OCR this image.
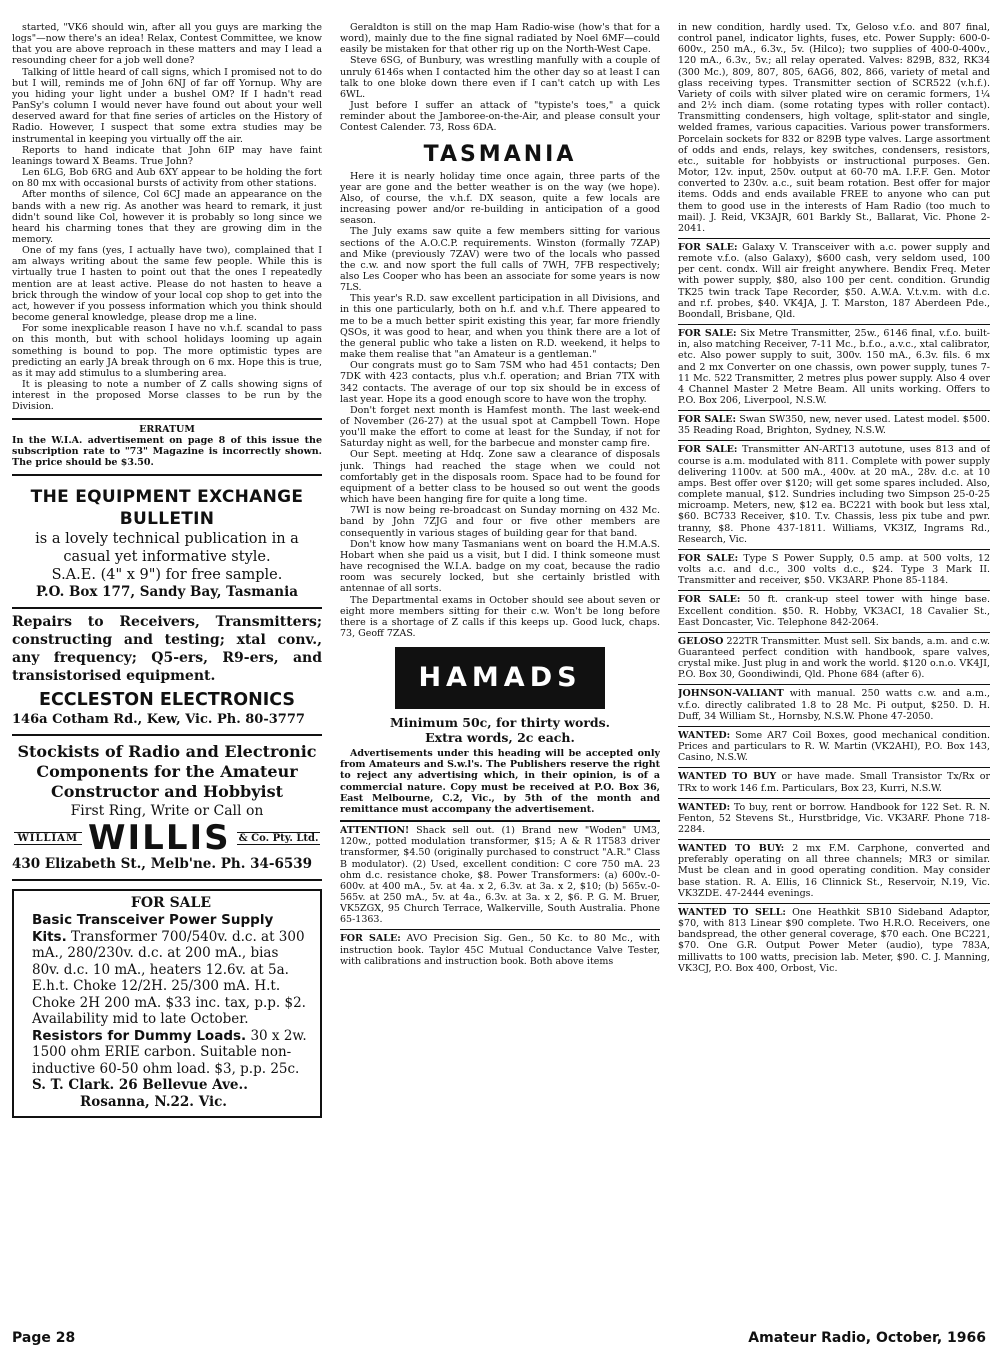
started, "VK6 should win, after all you guys are marking the logs"—now there's an idea! Relax, Contest Committee, we know that you are above reproach in these matters and may I lead a resounding cheer for a job well done?

Talking of little heard of call signs, which I promised not to do but I will, reminds me of John 6NJ of far off Yornup. Why are you hiding your light under a bushel OM? If I hadn't read PanSy's column I would never have found out about your well deserved award for that fine series of articles on the History of Radio. However, I suspect that some extra studies may be instrumental in keeping you virtually off the air.

Reports to hand indicate that John 6IP may have faint leanings toward X Beams. True John?

Len 6LG, Bob 6RG and Aub 6XY appear to be holding the fort on 80 mx with occasional bursts of activity from other stations.

After months of silence, Col 6CJ made an appearance on the bands with a new rig. As another was heard to remark, it just didn't sound like Col, however it is probably so long since we heard his charming tones that they are growing dim in the memory.

One of my fans (yes, I actually have two), complained that I am always writing about the same few people. While this is virtually true I hasten to point out that the ones I repeatedly mention are at least active. Please do not hasten to heave a brick through the window of your local cop shop to get into the act, however if you possess information which you think should become general knowledge, please drop me a line.

For some inexplicable reason I have no v.h.f. scandal to pass on this month, but with school holidays looming up again something is bound to pop. The more optimistic types are predicting an early JA break through on 6 mx. Hope this is true, as it may add stimulus to a slumbering area.

It is pleasing to note a number of Z calls showing signs of interest in the proposed Morse classes to be run by the Division.

ERRATUM
In the W.I.A. advertisement on page 8 of this issue the subscription rate to "73" Magazine is incorrectly shown. The price should be $3.50.
THE EQUIPMENT EXCHANGE
BULLETIN
is a lovely technical publication in a
casual yet informative style.
S.A.E. (4" x 9") for free sample.
P.O. Box 177, Sandy Bay, Tasmania
Repairs to Receivers, Transmitters; constructing and testing; xtal conv., any frequency; Q5-ers, R9-ers, and transistorised equipment.
ECCLESTON ELECTRONICS
146a Cotham Rd., Kew, Vic. Ph. 80-3777
Stockists of Radio and Electronic
Components for the Amateur
Constructor and Hobbyist
First Ring, Write or Call on
WILLIAM WILLIS & Co. Pty. Ltd.
430 Elizabeth St., Melb'ne. Ph. 34-6539
FOR SALE
Basic Transceiver Power Supply Kits. Transformer 700/540v. d.c. at 300 mA., 280/230v. d.c. at 200 mA., bias 80v. d.c. 10 mA., heaters 12.6v. at 5a. E.h.t. Choke 12/2H. 25/300 mA. H.t. Choke 2H 200 mA. $33 inc. tax, p.p. $2. Availability mid to late October.
Resistors for Dummy Loads. 30 x 2w. 1500 ohm ERIE carbon. Suitable non-inductive 60-50 ohm load. $3, p.p. 25c.
S. T. Clark. 26 Bellevue Ave..
Rosanna, N.22. Vic.

Geraldton is still on the map Ham Radio-wise (how's that for a word), mainly due to the fine signal radiated by Noel 6MF—could easily be mistaken for that other rig up on the North-West Cape.

Steve 6SG, of Bunbury, was wrestling manfully with a couple of unruly 6146s when I contacted him the other day so at least I can talk to one bloke down there even if I can't catch up with Les 6WL.

Just before I suffer an attack of "typiste's toes," a quick reminder about the Jamboree-on-the-Air, and please consult your Contest Calender. 73, Ross 6DA.

TASMANIA

Here it is nearly holiday time once again, three parts of the year are gone and the better weather is on the way (we hope). Also, of course, the v.h.f. DX season, quite a few locals are increasing power and/or re-building in anticipation of a good season.

The July exams saw quite a few members sitting for various sections of the A.O.C.P. requirements. Winston (formally 7ZAP) and Mike (previously 7ZAV) were two of the locals who passed the c.w. and now sport the full calls of 7WH, 7FB respectively; also Les Cooper who has been an associate for some years is now 7LS.

This year's R.D. saw excellent participation in all Divisions, and in this one particularly, both on h.f. and v.h.f. There appeared to me to be a much better spirit existing this year, far more friendly QSOs, it was good to hear, and when you think there are a lot of the general public who take a listen on R.D. weekend, it helps to make them realise that "an Amateur is a gentleman."

Our congrats must go to Sam 7SM who had 451 contacts; Den 7DK with 423 contacts, plus v.h.f. operation; and Brian 7TX with 342 contacts. The average of our top six should be in excess of last year. Hope its a good enough score to have won the trophy.

Don't forget next month is Hamfest month. The last week-end of November (26-27) at the usual spot at Campbell Town. Hope you'll make the effort to come at least for the Sunday, if not for Saturday night as well, for the barbecue and monster camp fire.

Our Sept. meeting at Hdq. Zone saw a clearance of disposals junk. Things had reached the stage when we could not comfortably get in the disposals room. Space had to be found for equipment of a better class to be housed so out went the goods which have been hanging fire for quite a long time.

7WI is now being re-broadcast on Sunday morning on 432 Mc. band by John 7ZJG and four or five other members are consequently in various stages of building gear for that band.

Don't know how many Tasmanians went on board the H.M.A.S. Hobart when she paid us a visit, but I did. I think someone must have recognised the W.I.A. badge on my coat, because the radio room was securely locked, but she certainly bristled with antennae of all sorts.

The Departmental exams in October should see about seven or eight more members sitting for their c.w. Won't be long before there is a shortage of Z calls if this keeps up. Good luck, chaps. 73, Geoff 7ZAS.

HAMADS
Minimum 50c, for thirty words.
Extra words, 2c each.

Advertisements under this heading will be accepted only from Amateurs and S.w.l's. The Publishers reserve the right to reject any advertising which, in their opinion, is of a commercial nature. Copy must be received at P.O. Box 36, East Melbourne, C.2, Vic., by 5th of the month and remittance must accompany the advertisement.

ATTENTION! Shack sell out. (1) Brand new "Woden" UM3, 120w., potted modulation transformer, $15; A & R 1T583 driver transformer, $4.50 (originally purchased to construct "A.R." Class B modulator). (2) Used, excellent condition: C core 750 mA. 23 ohm d.c. resistance choke, $8. Power Transformers: (a) 600v.-0-600v. at 400 mA., 5v. at 4a. x 2, 6.3v. at 3a. x 2, $10; (b) 565v.-0-565v. at 250 mA., 5v. at 4a., 6.3v. at 3a. x 2, $6. P. G. M. Bruer, VK5ZGX, 95 Church Terrace, Walkerville, South Australia. Phone 65-1363.

FOR SALE: AVO Precision Sig. Gen., 50 Kc. to 80 Mc., with instruction book. Taylor 45C Mutual Conductance Valve Tester, with calibrations and instruction book. Both above items

in new condition, hardly used. Tx, Geloso v.f.o. and 807 final, control panel, indicator lights, fuses, etc. Power Supply: 600-0-600v., 250 mA., 6.3v., 5v. (Hilco); two supplies of 400-0-400v., 120 mA., 6.3v., 5v.; all relay operated. Valves: 829B, 832, RK34 (300 Mc.), 809, 807, 805, 6AG6, 802, 866, variety of metal and glass receiving types. Transmitter section of SCR522 (v.h.f.). Variety of coils with silver plated wire on ceramic formers, 1¼ and 2½ inch diam. (some rotating types with roller contact). Transmitting condensers, high voltage, split-stator and single, welded frames, various capacities. Various power transformers. Porcelain sockets for 832 or 829B type valves. Large assortment of odds and ends, relays, key switches, condensers, resistors, etc., suitable for hobbyists or instructional purposes. Gen. Motor, 12v. input, 250v. output at 60-70 mA. I.F.F. Gen. Motor converted to 230v. a.c., suit beam rotation. Best offer for major items. Odds and ends available FREE to anyone who can put them to good use in the interests of Ham Radio (too much to mail). J. Reid, VK3AJR, 601 Barkly St., Ballarat, Vic. Phone 2-2041.

FOR SALE: Galaxy V. Transceiver with a.c. power supply and remote v.f.o. (also Galaxy), $600 cash, very seldom used, 100 per cent. condx. Will air freight anywhere. Bendix Freq. Meter with power supply, $80, also 100 per cent. condition. Grundig TK25 twin track Tape Recorder, $50. A.W.A. V.t.v.m. with d.c. and r.f. probes, $40. VK4JA, J. T. Marston, 187 Aberdeen Pde., Boondall, Brisbane, Qld.

FOR SALE: Six Metre Transmitter, 25w., 6146 final, v.f.o. built-in, also matching Receiver, 7-11 Mc., b.f.o., a.v.c., xtal calibrator, etc. Also power supply to suit, 300v. 150 mA., 6.3v. fils. 6 mx and 2 mx Converter on one chassis, own power supply, tunes 7-11 Mc. 522 Transmitter, 2 metres plus power supply. Also 4 over 4 Channel Master 2 Metre Beam. All units working. Offers to P.O. Box 206, Liverpool, N.S.W.

FOR SALE: Swan SW350, new, never used. Latest model. $500. 35 Reading Road, Brighton, Sydney, N.S.W.

FOR SALE: Transmitter AN-ART13 autotune, uses 813 and of course is a.m. modulated with 811. Complete with power supply delivering 1100v. at 500 mA., 400v. at 20 mA., 28v. d.c. at 10 amps. Best offer over $120; will get some spares included. Also, complete manual, $12. Sundries including two Simpson 25-0-25 microamp. Meters, new, $12 ea. BC221 with book but less xtal, $60. BC733 Receiver, $10. T.v. Chassis, less pix tube and pwr. tranny, $8. Phone 437-1811. Williams, VK3IZ, Ingrams Rd., Research, Vic.

FOR SALE: Type S Power Supply, 0.5 amp. at 500 volts, 12 volts a.c. and d.c., 300 volts d.c., $24. Type 3 Mark II. Transmitter and receiver, $50. VK3ARP. Phone 85-1184.

FOR SALE: 50 ft. crank-up steel tower with hinge base. Excellent condition. $50. R. Hobby, VK3ACI, 18 Cavalier St., East Doncaster, Vic. Telephone 842-2064.

GELOSO 222TR Transmitter. Must sell. Six bands, a.m. and c.w. Guaranteed perfect condition with handbook, spare valves, crystal mike. Just plug in and work the world. $120 o.n.o. VK4JI, P.O. Box 30, Goondiwindi, Qld. Phone 684 (after 6).

JOHNSON-VALIANT with manual. 250 watts c.w. and a.m., v.f.o. directly calibrated 1.8 to 28 Mc. Pi output, $250. D. H. Duff, 34 William St., Hornsby, N.S.W. Phone 47-2050.

WANTED: Some AR7 Coil Boxes, good mechanical condition. Prices and particulars to R. W. Martin (VK2AHI), P.O. Box 143, Casino, N.S.W.

WANTED TO BUY or have made. Small Transistor Tx/Rx or TRx to work 146 f.m. Particulars, Box 23, Kurri, N.S.W.

WANTED: To buy, rent or borrow. Handbook for 122 Set. R. N. Fenton, 52 Stevens St., Hurstbridge, Vic. VK3ARF. Phone 718-2284.

WANTED TO BUY: 2 mx F.M. Carphone, converted and preferably operating on all three channels; MR3 or similar. Must be clean and in good operating condition. May consider base station. R. A. Ellis, 16 Clinnick St., Reservoir, N.19, Vic. VK3ZDE. 47-2444 evenings.

WANTED TO SELL: One Heathkit SB10 Sideband Adaptor, $70, with 813 Linear $90 complete. Two H.R.O. Receivers, one bandspread, the other general coverage, $70 each. One BC221, $70. One G.R. Output Power Meter (audio), type 783A, millivatts to 100 watts, precision lab. Meter, $90. C. J. Manning, VK3CJ, P.O. Box 400, Orbost, Vic.

Page 28	Amateur Radio, October, 1966
